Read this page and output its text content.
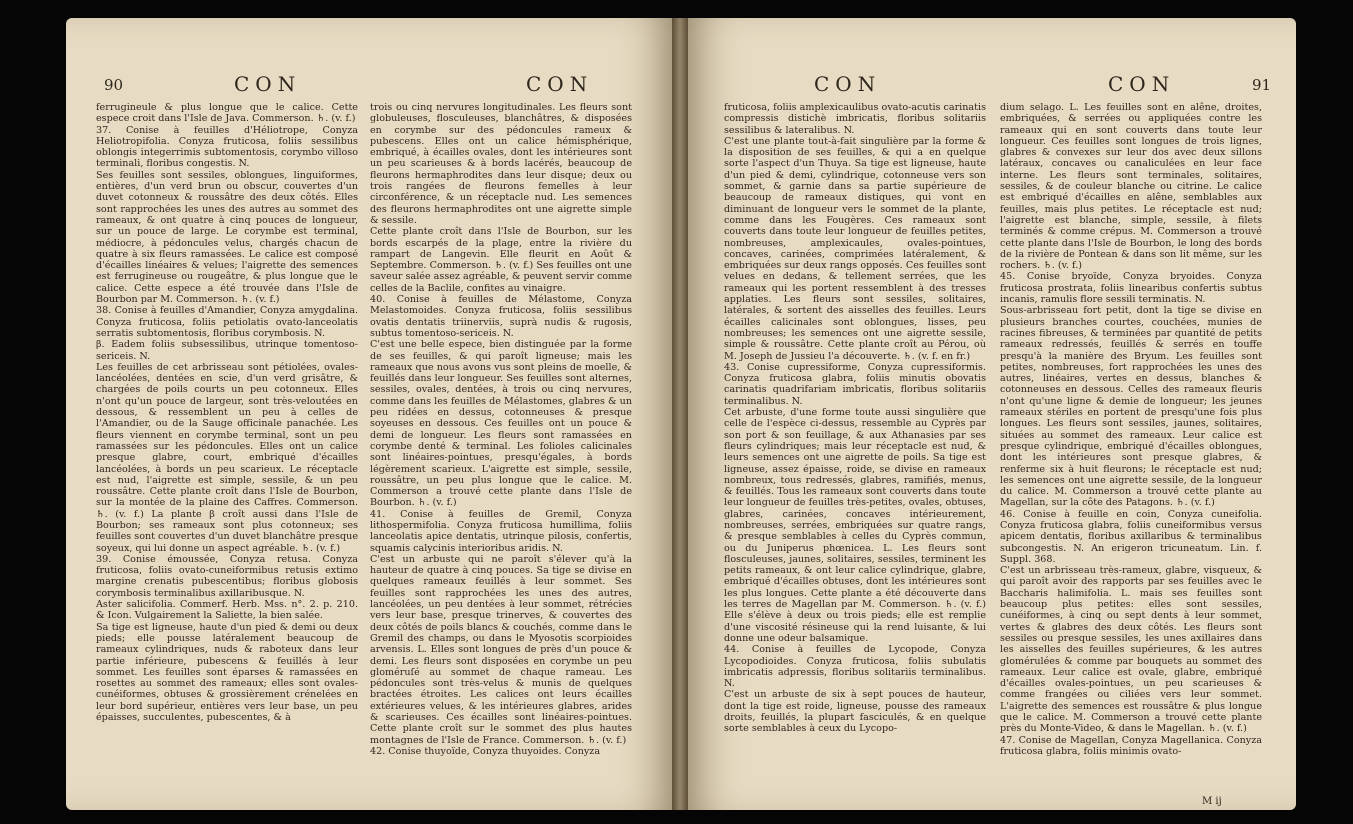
90	CON	CON

ferrugineule & plus longue que le calice. Cette espece croit dans l'Isle de Java. Commerson. ♄. (v. f.)

37. Conise à feuilles d'Héliotrope, Conyza Heliotropifolia. Conyza fruticosa, foliis sessilibus oblongis integerrimis subtomentosis, corymbo villoso terminali, floribus congestis. N.

Ses feuilles sont sessiles, oblongues, linguiformes, entières, d'un verd brun ou obscur, couvertes d'un duvet cotonneux & roussâtre des deux côtés. Elles sont rapprochées les unes des autres au sommet des rameaux, & ont quatre à cinq pouces de longueur, sur un pouce de large. Le corymbe est terminal, médiocre, à pédoncules velus, chargés chacun de quatre à six fleurs ramassées. Le calice est composé d'écailles linéaires & velues; l'aigrette des semences est ferrugineuse ou rougeâtre, & plus longue que le calice. Cette espece a été trouvée dans l'Isle de Bourbon par M. Commerson. ♄. (v. f.)

38. Conise à feuilles d'Amandier, Conyza amygdalina. Conyza fruticosa, foliis petiolatis ovato-lanceolatis serratis subtomentosis, floribus corymbosis. N.

β. Eadem foliis subsessilibus, utrinque tomentoso-sericeis. N.

Les feuilles de cet arbrisseau sont pétiolées, ovales-lancéolées, dentées en scie, d'un verd grisâtre, & chargées de poils courts un peu cotonneux. Elles n'ont qu'un pouce de largeur, sont très-veloutées en dessous, & ressemblent un peu à celles de l'Amandier, ou de la Sauge officinale panachée. Les fleurs viennent en corymbe terminal, sont un peu ramassées sur les pédoncules. Elles ont un calice presque glabre, court, embriqué d'écailles lancéolées, à bords un peu scarieux. Le réceptacle est nud, l'aigrette est simple, sessile, & un peu roussâtre. Cette plante croît dans l'Isle de Bourbon, sur la montée de la plaine des Caffres. Commerson. ♄. (v. f.) La plante β croît aussi dans l'Isle de Bourbon; ses rameaux sont plus cotonneux; ses feuilles sont couvertes d'un duvet blanchâtre presque soyeux, qui lui donne un aspect agréable. ♄. (v. f.)

39. Conise émoussée, Conyza retusa. Conyza fruticosa, foliis ovato-cuneiformibus retusis extimo margine crenatis pubescentibus; floribus globosis corymbosis terminalibus axillaribusque. N.

Aster salicifolia. Commerf. Herb. Mss. n°. 2. p. 210. & Icon. Vulgairement la Saliette, la bien salée.

Sa tige est ligneuse, haute d'un pied & demi ou deux pieds; elle pousse latéralement beaucoup de rameaux cylindriques, nuds & raboteux dans leur partie inférieure, pubescens & feuillés à leur sommet. Les feuilles sont éparses & ramassées en rosettes au sommet des rameaux; elles sont ovales-cunéiformes, obtuses & grossièrement crénelées en leur bord supérieur, entières vers leur base, un peu épaisses, succulentes, pubescentes, & à

trois ou cinq nervures longitudinales. Les fleurs sont globuleuses, flosculeuses, blanchâtres, & disposées en corymbe sur des pédoncules rameux & pubescens. Elles ont un calice hémisphérique, embriqué, à écailles ovales, dont les intérieures sont un peu scarieuses & à bords lacérés, beaucoup de fleurons hermaphrodites dans leur disque; deux ou trois rangées de fleurons femelles à leur circonférence, & un réceptacle nud. Les semences des fleurons hermaphrodites ont une aigrette simple & sessile.

Cette plante croît dans l'Isle de Bourbon, sur les bords escarpés de la plage, entre la rivière du rampart de Langevin. Elle fleurit en Août & Septembre. Commerson. ♄. (v. f.) Ses feuilles ont une saveur salée assez agréable, & peuvent servir comme celles de la Baclile, confites au vinaigre.

40. Conise à feuilles de Mélastome, Conyza Melastomoides. Conyza fruticosa, foliis sessilibus ovatis dentatis triinerviis, suprà nudis & rugosis, subtus tomentoso-sericeis. N.

C'est une belle espece, bien distinguée par la forme de ses feuilles, & qui paroît ligneuse; mais les rameaux que nous avons vus sont pleins de moelle, & feuillés dans leur longueur. Ses feuilles sont alternes, sessiles, ovales, dentées, à trois ou cinq nervures, comme dans les feuilles de Mélastomes, glabres & un peu ridées en dessus, cotonneuses & presque soyeuses en dessous. Ces feuilles ont un pouce & demi de longueur. Les fleurs sont ramassées en corymbe denté & terminal. Les folioles calicinales sont linéaires-pointues, presqu'égales, à bords légèrement scarieux. L'aigrette est simple, sessile, roussâtre, un peu plus longue que le calice. M. Commerson a trouvé cette plante dans l'Isle de Bourbon. ♄. (v. f.)

41. Conise à feuilles de Gremil, Conyza lithospermifolia. Conyza fruticosa humillima, foliis lanceolatis apice dentatis, utrinque pilosis, confertis, squamis calycinis interioribus aridis. N.

C'est un arbuste qui ne paroît s'élever qu'à la hauteur de quatre à cinq pouces. Sa tige se divise en quelques rameaux feuillés à leur sommet. Ses feuilles sont rapprochées les unes des autres, lancéolées, un peu dentées à leur sommet, rétrécies vers leur base, presque trinerves, & couvertes des deux côtés de poils blancs & couchés, comme dans le Gremil des champs, ou dans le Myosotis scorpioides arvensis. L. Elles sont longues de près d'un pouce & demi. Les fleurs sont disposées en corymbe un peu gloméruſé au sommet de chaque rameau. Les pédoncules sont très-velus & munis de quelques bractées étroites. Les calices ont leurs écailles extérieures velues, & les intérieures glabres, arides & scarieuses. Ces écailles sont linéaires-pointues. Cette plante croît sur le sommet des plus hautes montagnes de l'Isle de France. Commerson. ♄. (v. f.)

42. Conise thuyoïde, Conyza thuyoides. Conyza

CON	CON	91

fruticosa, foliis amplexicaulibus ovato-acutis carinatis compressis distichè imbricatis, floribus solitariis sessilibus & lateralibus. N.

C'est une plante tout-à-fait singulière par la forme & la disposition de ses feuilles, & qui a en quelque sorte l'aspect d'un Thuya. Sa tige est ligneuse, haute d'un pied & demi, cylindrique, cotonneuse vers son sommet, & garnie dans sa partie supérieure de beaucoup de rameaux distiques, qui vont en diminuant de longueur vers le sommet de la plante, comme dans les Fougères. Ces rameaux sont couverts dans toute leur longueur de feuilles petites, nombreuses, amplexicaules, ovales-pointues, concaves, carinées, comprimées latéralement, & embriquées sur deux rangs opposés. Ces feuilles sont velues en dedans, & tellement serrées, que les rameaux qui les portent ressemblent à des tresses applaties. Les fleurs sont sessiles, solitaires, latérales, & sortent des aisselles des feuilles. Leurs écailles calicinales sont oblongues, lisses, peu nombreuses; les semences ont une aigrette sessile, simple & roussâtre. Cette plante croît au Pérou, où M. Joseph de Jussieu l'a découverte. ♄. (v. f. en fr.)

43. Conise cupressiforme, Conyza cupressiformis. Conyza fruticosa glabra, foliis minutis obovatis carinatis quadrifariam imbricatis, floribus solitariis terminalibus. N.

Cet arbuste, d'une forme toute aussi singulière que celle de l'espèce ci-dessus, ressemble au Cyprès par son port & son feuillage, & aux Athanasies par ses fleurs cylindriques; mais leur réceptacle est nud, & leurs semences ont une aigrette de poils. Sa tige est ligneuse, assez épaisse, roide, se divise en rameaux nombreux, tous redressés, glabres, ramifiés, menus, & feuillés. Tous les rameaux sont couverts dans toute leur longueur de feuilles très-petites, ovales, obtuses, glabres, carinées, concaves intérieurement, nombreuses, serrées, embriquées sur quatre rangs, & presque semblables à celles du Cyprès commun, ou du Juniperus phœnicea. L. Les fleurs sont flosculeuses, jaunes, solitaires, sessiles, terminent les petits rameaux, & ont leur calice cylindrique, glabre, embriqué d'écailles obtuses, dont les intérieures sont les plus longues. Cette plante a été découverte dans les terres de Magellan par M. Commerson. ♄. (v. f.) Elle s'élève à deux ou trois pieds; elle est remplie d'une viscosité résineuse qui la rend luisante, & lui donne une odeur balsamique.

44. Conise à feuilles de Lycopode, Conyza Lycopodioides. Conyza fruticosa, foliis subulatis imbricatis adpressis, floribus solitariis terminalibus. N.

C'est un arbuste de six à sept pouces de hauteur, dont la tige est roide, ligneuse, pousse des rameaux droits, feuillés, la plupart fasciculés, & en quelque sorte semblables à ceux du Lycopo-

dium selago. L. Les feuilles sont en alêne, droites, embriquées, & serrées ou appliquées contre les rameaux qui en sont couverts dans toute leur longueur. Ces feuilles sont longues de trois lignes, glabres & convexes sur leur dos avec deux sillons latéraux, concaves ou canaliculées en leur face interne. Les fleurs sont terminales, solitaires, sessiles, & de couleur blanche ou citrine. Le calice est embriqué d'écailles en alêne, semblables aux feuilles, mais plus petites. Le réceptacle est nud; l'aigrette est blanche, simple, sessile, à filets terminés & comme crépus. M. Commerson a trouvé cette plante dans l'Isle de Bourbon, le long des bords de la rivière de Pontean & dans son lit même, sur les rochers. ♄. (v. f.)

45. Conise bryoïde, Conyza bryoides. Conyza fruticosa prostrata, foliis linearibus confertis subtus incanis, ramulis flore sessili terminatis. N.

Sous-arbrisseau fort petit, dont la tige se divise en plusieurs branches courtes, couchées, munies de racines fibreuses, & terminées par quantité de petits rameaux redressés, feuillés & serrés en touffe presqu'à la manière des Bryum. Les feuilles sont petites, nombreuses, fort rapprochées les unes des autres, linéaires, vertes en dessus, blanches & cotonneuses en dessous. Celles des rameaux fleuris n'ont qu'une ligne & demie de longueur; les jeunes rameaux stériles en portent de presqu'une fois plus longues. Les fleurs sont sessiles, jaunes, solitaires, situées au sommet des rameaux. Leur calice est presque cylindrique, embriqué d'écailles oblongues, dont les intérieures sont presque glabres, & renferme six à huit fleurons; le réceptacle est nud; les semences ont une aigrette sessile, de la longueur du calice. M. Commerson a trouvé cette plante au Magellan, sur la côte des Patagons. ♄. (v. f.)

46. Conise à feuille en coin, Conyza cuneifolia. Conyza fruticosa glabra, foliis cuneiformibus versus apicem dentatis, floribus axillaribus & terminalibus subcongestis. N. An erigeron tricuneatum. Lin. f. Suppl. 368.

C'est un arbrisseau très-rameux, glabre, visqueux, & qui paroît avoir des rapports par ses feuilles avec le Baccharis halimifolia. L. mais ses feuilles sont beaucoup plus petites: elles sont sessiles, cunéiformes, à cinq ou sept dents à leur sommet, vertes & glabres des deux côtés. Les fleurs sont sessiles ou presque sessiles, les unes axillaires dans les aisselles des feuilles supérieures, & les autres glomérulées & comme par bouquets au sommet des rameaux. Leur calice est ovale, glabre, embriqué d'écailles ovales-pointues, un peu scarieuses & comme frangées ou ciliées vers leur sommet. L'aigrette des semences est roussâtre & plus longue que le calice. M. Commerson a trouvé cette plante près du Monte-Video, & dans le Magellan. ♄. (v. f.)

47. Conise de Magellan, Conyza Magellanica. Conyza fruticosa glabra, foliis minimis ovato-

M ij
